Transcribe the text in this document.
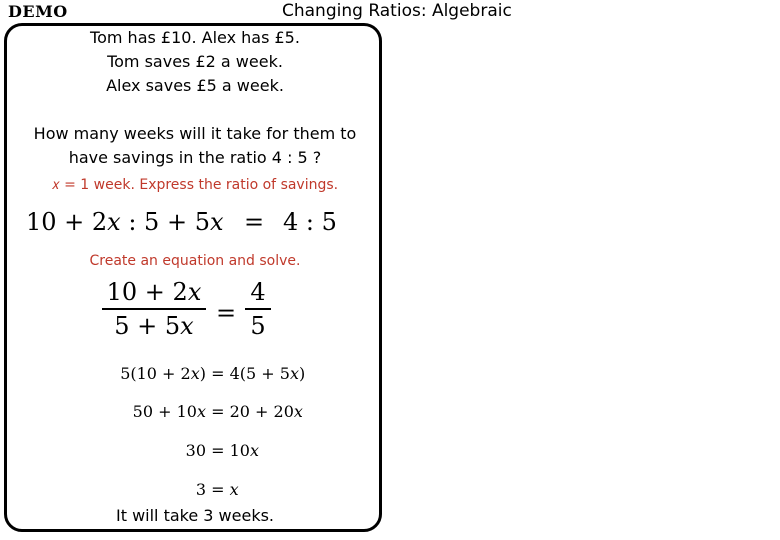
DEMO	Changing Ratios: Algebraic
Tom has £10. Alex has £5.
Tom saves £2 a week.
Alex saves £5 a week.
How many weeks will it take for them to
have savings in the ratio 4 : 5 ?
𝑥 = 1 week. Express the ratio of savings.
10 + 2𝑥 : 5 + 5𝑥 = 4 : 5
Create an equation and solve.
10 + 2𝑥
5 + 5𝑥 =
4
5
5(10 + 2𝑥) = 4(5 + 5𝑥)
50 + 10𝑥 = 20 + 20𝑥
30 = 10𝑥
3 = 𝑥
It will take 3 weeks.
